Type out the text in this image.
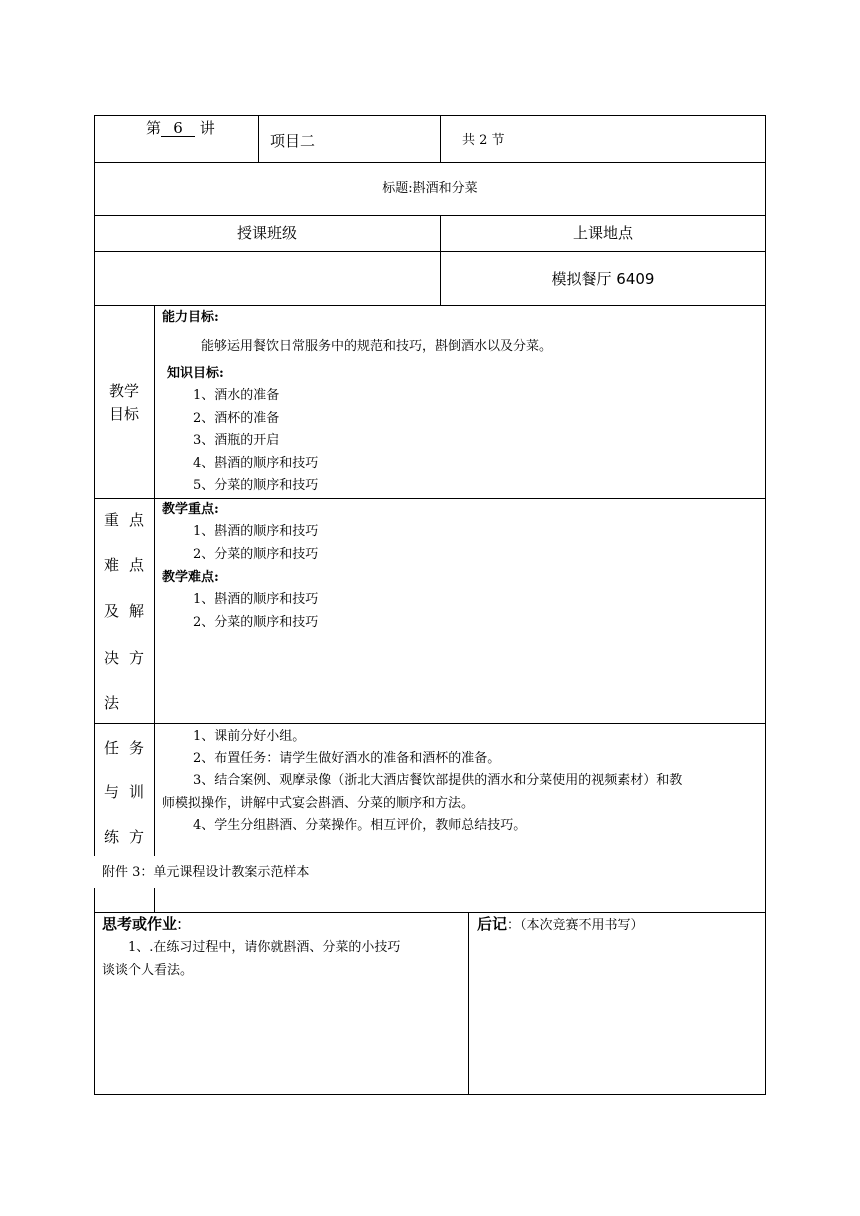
第 6 讲
项目二	共 2 节
标题:斟酒和分菜
授课班级	上课地点
模拟餐厅 6409
教学
目标
能力目标:
能够运用餐饮日常服务中的规范和技巧，斟倒酒水以及分菜。
知识目标:
1、酒水的准备
2、酒杯的准备
3、酒瓶的开启
4、斟酒的顺序和技巧
5、分菜的顺序和技巧
重 点
难 点
及 解
决 方
法
教学重点:
1、斟酒的顺序和技巧
2、分菜的顺序和技巧
教学难点:
1、斟酒的顺序和技巧
2、分菜的顺序和技巧
任 务
与 训
练 方
1、课前分好小组。
2、布置任务：请学生做好酒水的准备和酒杯的准备。
3、结合案例、观摩录像（浙北大酒店餐饮部提供的酒水和分菜使用的视频素材）和教
师模拟操作，讲解中式宴会斟酒、分菜的顺序和方法。
4、学生分组斟酒、分菜操作。相互评价，教师总结技巧。
附件 3：单元课程设计教案示范样本
思考或作业:
1、.在练习过程中，请你就斟酒、分菜的小技巧
谈谈个人看法。
后记：（本次竞赛不用书写）
